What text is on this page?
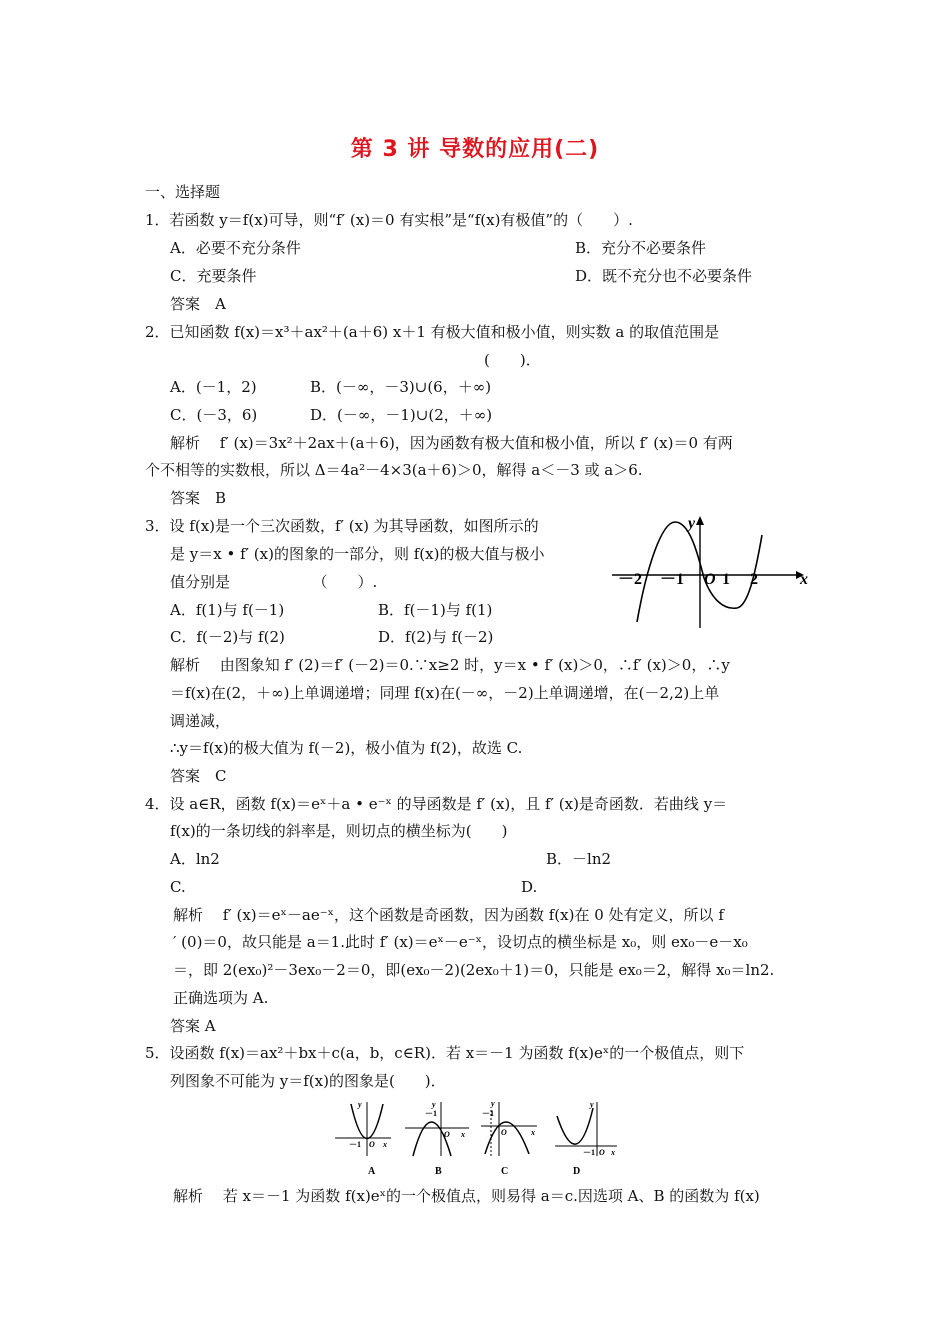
第 3 讲 导数的应用(二)
一、选择题
1．若函数 y＝f(x)可导，则“f′ (x)＝0 有实根”是“f(x)有极值”的（　　）.
A．必要不充分条件	B．充分不必要条件
C．充要条件	D．既不充分也不必要条件
答案　A
2．已知函数 f(x)＝x³＋ax²＋(a＋6) x＋1 有极大值和极小值，则实数 a 的取值范围是
(　　)．
A．(－1，2)	B．(－∞，－3)∪(6，＋∞)
C．(－3，6)	D．(－∞，－1)∪(2，＋∞)
解析　 f′ (x)＝3x²＋2ax＋(a＋6)，因为函数有极大值和极小值，所以 f′ (x)＝0 有两
个不相等的实数根，所以 Δ＝4a²－4×3(a＋6)＞0，解得 a＜－3 或 a＞6.
答案　B
3．设 f(x)是一个三次函数，f′ (x) 为其导函数，如图所示的
是 y＝x • f′ (x)的图象的一部分，则 f(x)的极大值与极小
值分别是　　　　　　（　　）.
A．f(1)与 f(－1)	B．f(－1)与 f(1)
C．f(－2)与 f(2)	D．f(2)与 f(－2)
y
x
－2 －1 O 1 2
解析　 由图象知 f′ (2)＝f′ (－2)＝0.∵x≥2 时，y＝x • f′ (x)＞0，∴f′ (x)＞0，∴y
＝f(x)在(2，＋∞)上单调递增；同理 f(x)在(－∞，－2)上单调递增，在(－2,2)上单
调递减，
∴y＝f(x)的极大值为 f(－2)，极小值为 f(2)，故选 C.
答案　C
4．设 a∈R，函数 f(x)＝eˣ＋a • e⁻ˣ 的导函数是 f′ (x)，且 f′ (x)是奇函数．若曲线 y＝
f(x)的一条切线的斜率是，则切点的横坐标为(　　)
A．ln2	B．－ln2
C.	D.
解析　 f′ (x)＝eˣ－ae⁻ˣ，这个函数是奇函数，因为函数 f(x)在 0 处有定义，所以 f
′ (0)＝0，故只能是 a＝1.此时 f′ (x)＝eˣ－e⁻ˣ，设切点的横坐标是 x₀，则 ex₀－e－x₀
＝，即 2(ex₀)²－3ex₀－2＝0，即(ex₀－2)(2ex₀＋1)＝0，只能是 ex₀＝2，解得 x₀＝ln2.
正确选项为 A.
答案 A
5．设函数 f(x)＝ax²＋bx＋c(a，b，c∈R)．若 x＝－1 为函数 f(x)eˣ的一个极值点，则下
列图象不可能为 y＝f(x)的图象是(　　)．
y
－1 O x
A
y
－1
O x
B
y
－1
O	x
C
y
－1 O x
D
解析　 若 x＝－1 为函数 f(x)eˣ的一个极值点，则易得 a＝c.因选项 A、B 的函数为 f(x)
